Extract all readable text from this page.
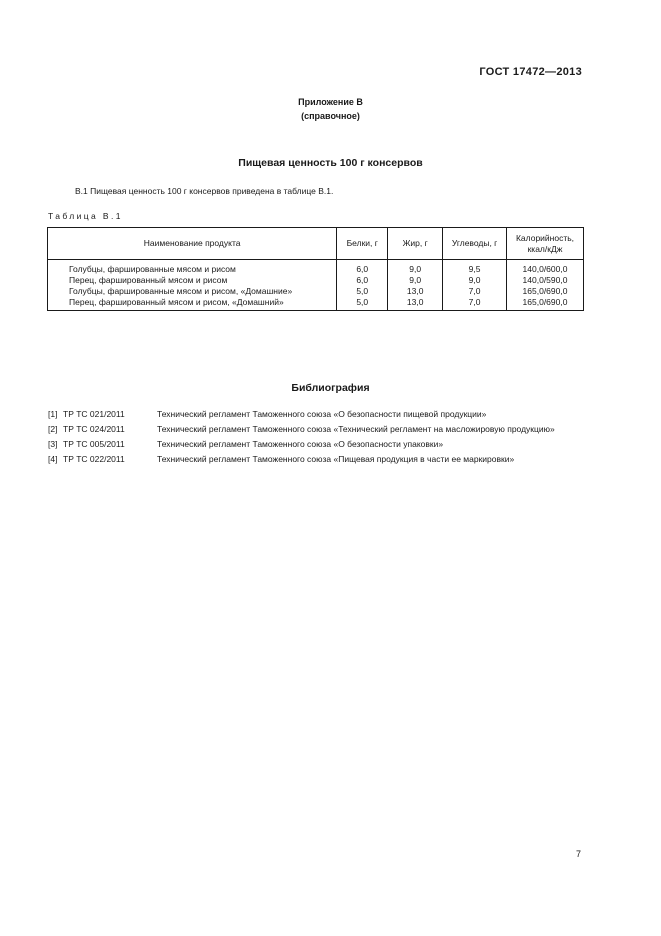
ГОСТ 17472—2013
Приложение В
(справочное)
Пищевая ценность 100 г консервов
В.1 Пищевая ценность 100 г консервов приведена в таблице В.1.
Таблица В.1
Наименование продукта	Белки, г	Жир, г	Углеводы, г	Калорийность,
ккал/кДж

Голубцы, фаршированные мясом и рисом	6,0	9,0	9,5	140,0/600,0
Перец, фаршированный мясом и рисом	6,0	9,0	9,0	140,0/590,0
Голубцы, фаршированные мясом и рисом, «Домашние»	5,0	13,0	7,0	165,0/690,0
Перец, фаршированный мясом и рисом, «Домашний»	5,0	13,0	7,0	165,0/690,0
Библиография
[1] ТР ТС 021/2011	Технический регламент Таможенного союза «О безопасности пищевой продукции»
[2] ТР ТС 024/2011	Технический регламент Таможенного союза «Технический регламент на масложировую продукцию»
[3] ТР ТС 005/2011	Технический регламент Таможенного союза «О безопасности упаковки»
[4] ТР ТС 022/2011	Технический регламент Таможенного союза «Пищевая продукция в части ее маркировки»
7
